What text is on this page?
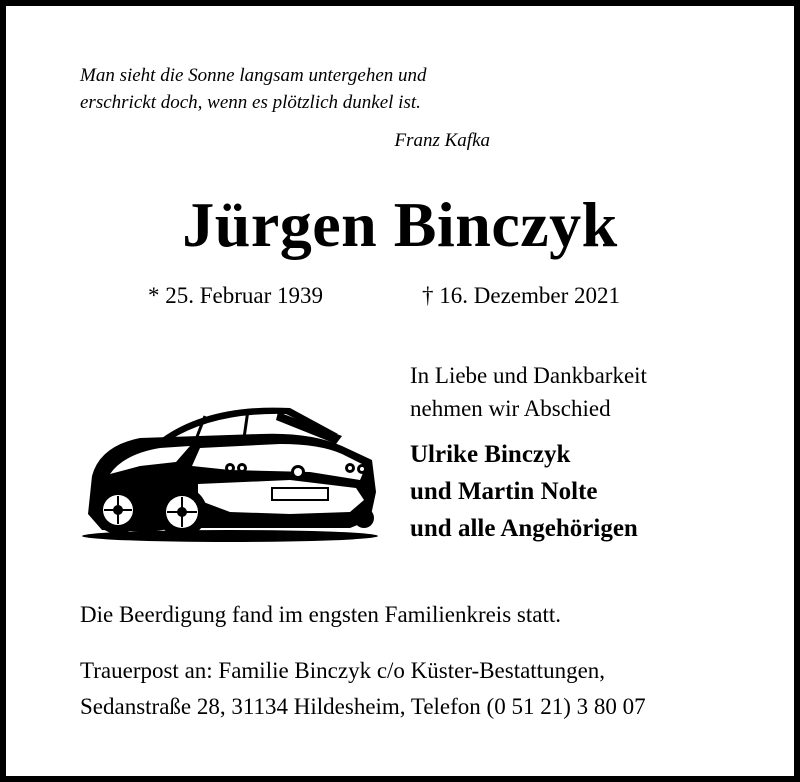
Man sieht die Sonne langsam untergehen und
erschrickt doch, wenn es plötzlich dunkel ist.
Franz Kafka
Jürgen Binczyk
* 25. Februar 1939	† 16. Dezember 2021
In Liebe und Dankbarkeit
nehmen wir Abschied
Ulrike Binczyk
und Martin Nolte
und alle Angehörigen
Die Beerdigung fand im engsten Familienkreis statt.
Trauerpost an: Familie Binczyk c/o Küster-Bestattungen,
Sedanstraße 28, 31134 Hildesheim, Telefon (0 51 21) 3 80 07
